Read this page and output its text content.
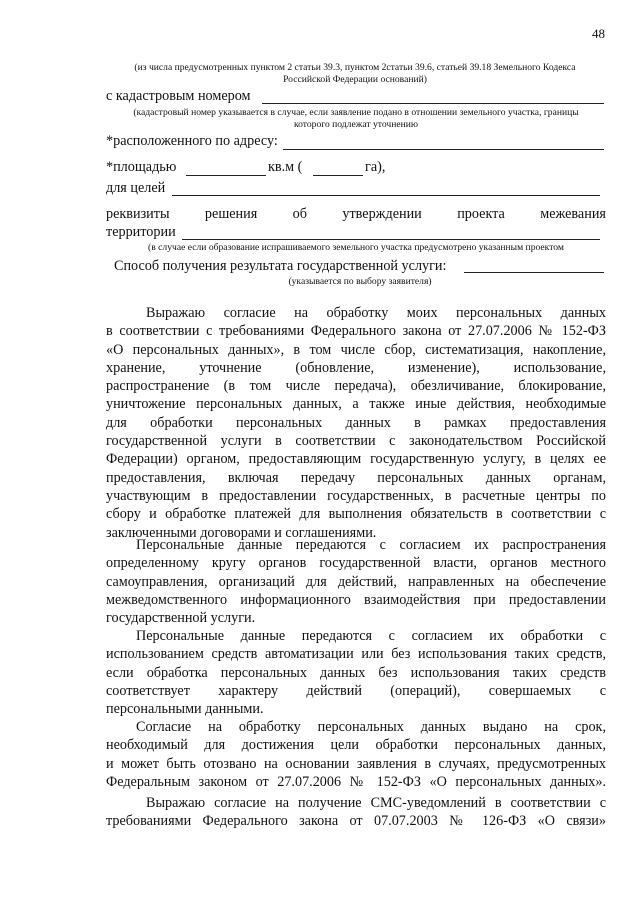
48
(из числа предусмотренных пунктом 2 статьи 39.3, пунктом 2статьи 39.6, статьей 39.18 Земельного Кодекса
Российской Федерации оснований)
с кадастровым номером
(кадастровый номер указывается в случае, если заявление подано в отношении земельного участка, границы
которого подлежат уточнению
*расположенного по адресу:
*площадью	кв.м (	га),
для целей
реквизиты решения об утверждении проекта межевания
территории
(в случае если образование испрашиваемого земельного участка предусмотрено указанным проектом
Способ получения результата государственной услуги:
(указывается по выбору заявителя)
Выражаю согласие на обработку моих персональных данных
в соответствии с требованиями Федерального закона от 27.07.2006 № 152-ФЗ
«О персональных данных», в том числе сбор, систематизация, накопление,
хранение, уточнение (обновление, изменение), использование,
распространение (в том числе передача), обезличивание, блокирование,
уничтожение персональных данных, а также иные действия, необходимые
для обработки персональных данных в рамках предоставления
государственной услуги в соответствии с законодательством Российской
Федерации) органом, предоставляющим государственную услугу, в целях ее
предоставления, включая передачу персональных данных органам,
участвующим в предоставлении государственных, в расчетные центры по
сбору и обработке платежей для выполнения обязательств в соответствии с
заключенными договорами и соглашениями.
Персональные данные передаются с согласием их распространения
определенному кругу органов государственной власти, органов местного
самоуправления, организаций для действий, направленных на обеспечение
межведомственного информационного взаимодействия при предоставлении
государственной услуги.
Персональные данные передаются с согласием их обработки с
использованием средств автоматизации или без использования таких средств,
если обработка персональных данных без использования таких средств
соответствует характеру действий (операций), совершаемых с
персональными данными.
Согласие на обработку персональных данных выдано на срок,
необходимый для достижения цели обработки персональных данных,
и может быть отозвано на основании заявления в случаях, предусмотренных
Федеральным законом от 27.07.2006 № 152-ФЗ «О персональных данных».
Выражаю согласие на получение СМС-уведомлений в соответствии с
требованиями Федерального закона от 07.07.2003 № 126-ФЗ «О связи»
